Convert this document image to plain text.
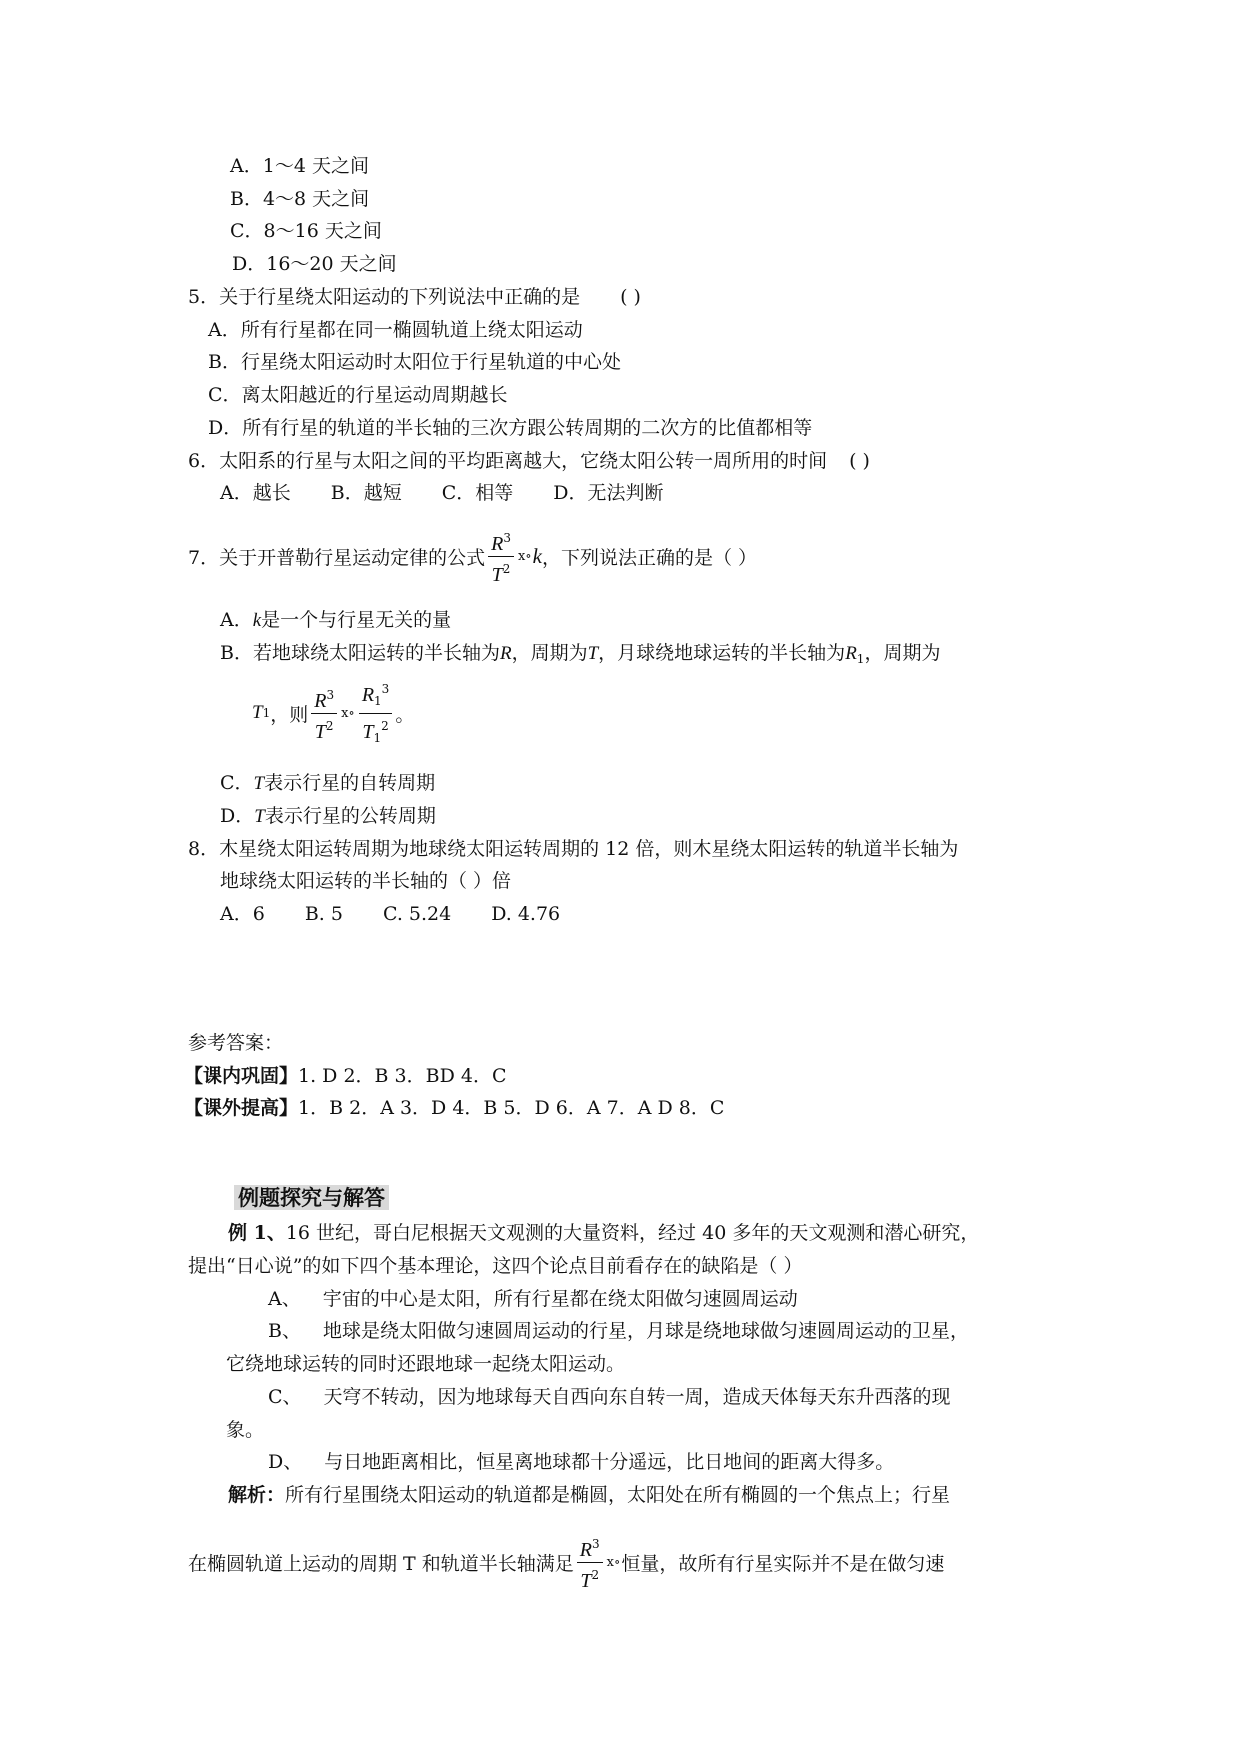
A．1～4 天之间
B．4～8 天之间
C．8～16 天之间
D．16～20 天之间
5．关于行星绕太阳运动的下列说法中正确的是 ( )
A．所有行星都在同一椭圆轨道上绕太阳运动
B．行星绕太阳运动时太阳位于行星轨道的中心处
C．离太阳越近的行星运动周期越长
D．所有行星的轨道的半长轴的三次方跟公转周期的二次方的比值都相等
6．太阳系的行星与太阳之间的平均距离越大，它绕太阳公转一周所用的时间 ( )
A．越长 B．越短 C．相等 D．无法判断
7．关于开普勒行星运动定律的公式 $\frac{R^3}{T^2}$ ⅹ∘ k ，下列说法正确的是（ ）
A．k是一个与行星无关的量
B．若地球绕太阳运转的半长轴为R，周期为T，月球绕地球运转的半长轴为$R_1$，周期为
T 1 ，则 $\frac{R^3}{T^2}$ ⅹ∘ $\frac{R_1^3}{T_1^2}$ 。
C．T表示行星的自转周期
D．T表示行星的公转周期
8．木星绕太阳运转周期为地球绕太阳运转周期的 12 倍，则木星绕太阳运转的轨道半长轴为
地球绕太阳运转的半长轴的（ ）倍
A．6 B. 5 C. 5.24 D. 4.76
参考答案：
【课内巩固】1. D 2．B 3．BD 4．C
【课外提高】1．B 2．A 3．D 4．B 5．D 6．A 7．A D 8．C
例题探究与解答
例 1、16 世纪，哥白尼根据天文观测的大量资料，经过 40 多年的天文观测和潜心研究，
提出“日心说”的如下四个基本理论，这四个论点目前看存在的缺陷是（ ）
A、 宇宙的中心是太阳，所有行星都在绕太阳做匀速圆周运动
B、 地球是绕太阳做匀速圆周运动的行星，月球是绕地球做匀速圆周运动的卫星，
它绕地球运转的同时还跟地球一起绕太阳运动。
C、 天穹不转动，因为地球每天自西向东自转一周，造成天体每天东升西落的现
象。
D、 与日地距离相比，恒星离地球都十分遥远，比日地间的距离大得多。
解析：所有行星围绕太阳运动的轨道都是椭圆，太阳处在所有椭圆的一个焦点上；行星
在椭圆轨道上运动的周期 T 和轨道半长轴满足 $\frac{R^3}{T^2}$ ⅹ∘ 恒量，故所有行星实际并不是在做匀速
